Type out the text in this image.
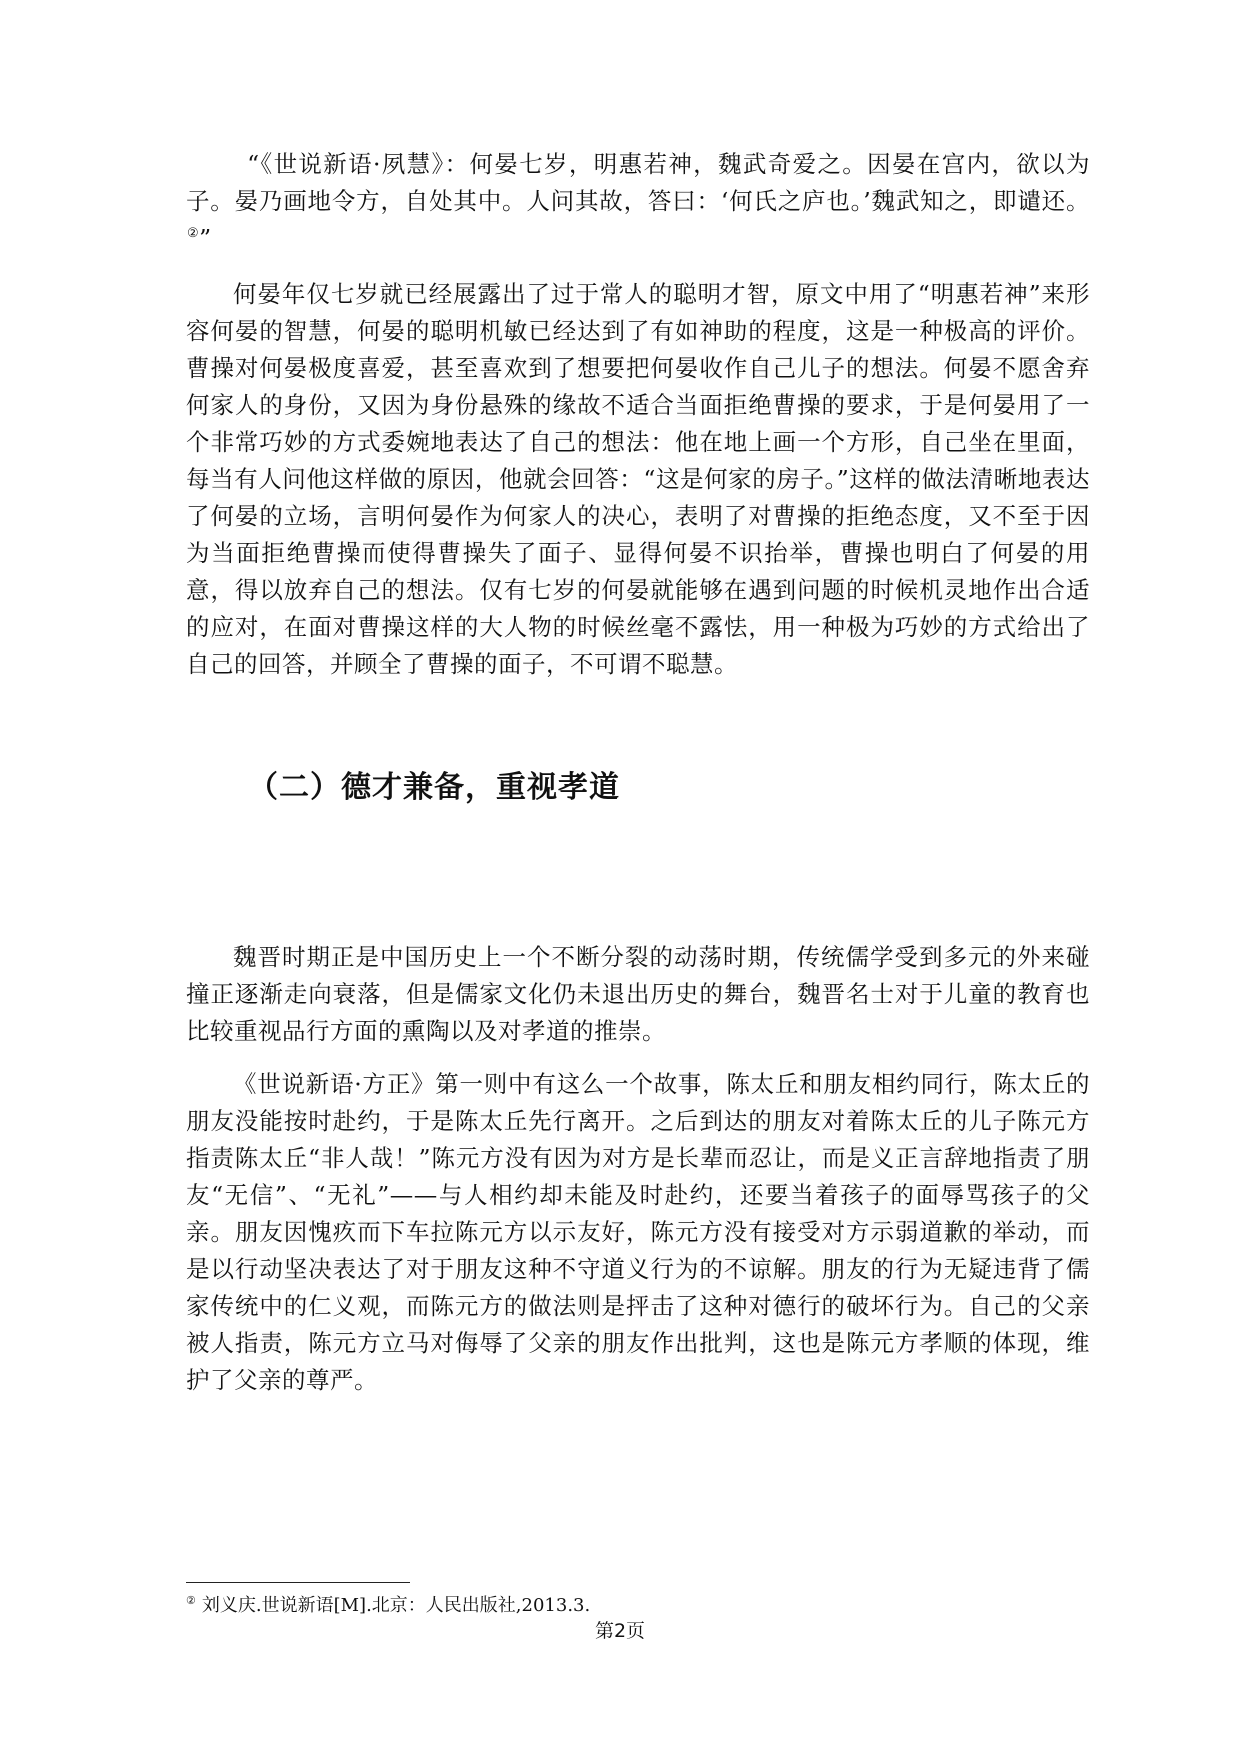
“《世说新语·夙慧》：何晏七岁，明惠若神，魏武奇爱之。因晏在宫内，欲以为子。晏乃画地令方，自处其中。人问其故，答曰：‘何氏之庐也。’魏武知之，即谴还。②”

何晏年仅七岁就已经展露出了过于常人的聪明才智，原文中用了“明惠若神”来形容何晏的智慧，何晏的聪明机敏已经达到了有如神助的程度，这是一种极高的评价。曹操对何晏极度喜爱，甚至喜欢到了想要把何晏收作自己儿子的想法。何晏不愿舍弃何家人的身份，又因为身份悬殊的缘故不适合当面拒绝曹操的要求，于是何晏用了一个非常巧妙的方式委婉地表达了自己的想法：他在地上画一个方形，自己坐在里面，每当有人问他这样做的原因，他就会回答：“这是何家的房子。”这样的做法清晰地表达了何晏的立场，言明何晏作为何家人的决心，表明了对曹操的拒绝态度，又不至于因为当面拒绝曹操而使得曹操失了面子、显得何晏不识抬举，曹操也明白了何晏的用意，得以放弃自己的想法。仅有七岁的何晏就能够在遇到问题的时候机灵地作出合适的应对，在面对曹操这样的大人物的时候丝毫不露怯，用一种极为巧妙的方式给出了自己的回答，并顾全了曹操的面子，不可谓不聪慧。

（二）德才兼备，重视孝道

魏晋时期正是中国历史上一个不断分裂的动荡时期，传统儒学受到多元的外来碰撞正逐渐走向衰落，但是儒家文化仍未退出历史的舞台，魏晋名士对于儿童的教育也比较重视品行方面的熏陶以及对孝道的推崇。

《世说新语·方正》第一则中有这么一个故事，陈太丘和朋友相约同行，陈太丘的朋友没能按时赴约，于是陈太丘先行离开。之后到达的朋友对着陈太丘的儿子陈元方指责陈太丘“非人哉！”陈元方没有因为对方是长辈而忍让，而是义正言辞地指责了朋友“无信”、“无礼”——与人相约却未能及时赴约，还要当着孩子的面辱骂孩子的父亲。朋友因愧疚而下车拉陈元方以示友好，陈元方没有接受对方示弱道歉的举动，而是以行动坚决表达了对于朋友这种不守道义行为的不谅解。朋友的行为无疑违背了儒家传统中的仁义观，而陈元方的做法则是抨击了这种对德行的破坏行为。自己的父亲被人指责，陈元方立马对侮辱了父亲的朋友作出批判，这也是陈元方孝顺的体现，维护了父亲的尊严。

② 刘义庆.世说新语[M].北京：人民出版社,2013.3.

第2页
